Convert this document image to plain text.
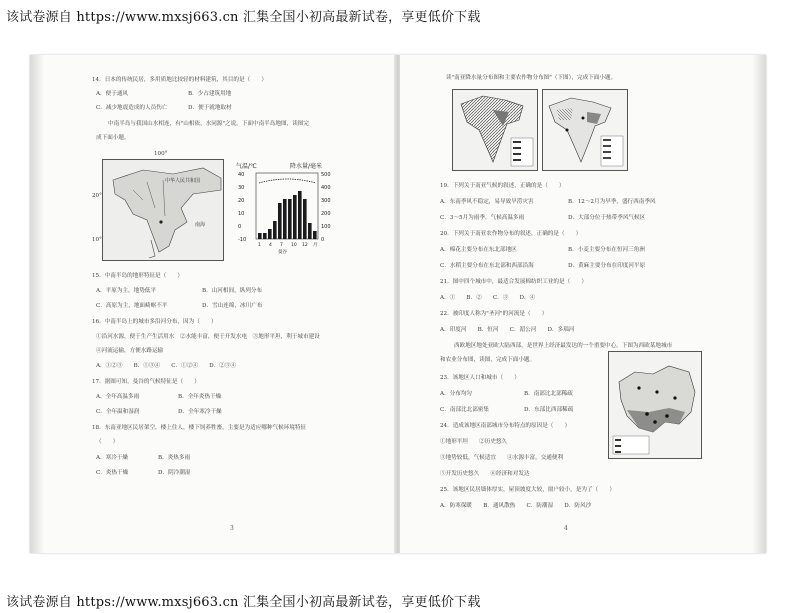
该试卷源自 https://www.mxsj663.cn 汇集全国小初高最新试卷，享更低价下载
14．日本的传统民居，多用质地比较轻的材料建筑，其目的是（　　）
A．便于通风	B．少占建筑用地
C．减少地震造成的人员伤亡	D．便于就地取材
中南半岛与我国山水相连，有"山相依，水同源"之说。下面中南半岛地图，读图完
成下面小题。
中华人民共和国
南海
100°
20°
10°
气温/℃	降水量/毫米
40
30
20
10
0
-10
500
400
300
200
100
0
1 4 7 10 12 月
曼谷
15．中南半岛的地形特征是（　　）
A．平原为主，地势低平	B．山河相间，纵列分布
C．高原为主，地面崎岖不平	D．雪山连绵，冰川广布
16．中南半岛上的城市多沿河分布，因为（　　）
①沿河水源，便于生产生活用水　②水能丰富，便于开发水电　③地形平坦，利于城市建设
④河流运输，方便水路运输
A．①②③　　B．①③④　　C．①②④　　D．②③④
17．据图可知，曼谷的气候特征是（　　）
A．全年高温多雨	B．全年炎热干燥
C．全年温和湿润	D．全年寒冷干燥
18．东南亚地区民居架空，楼上住人，楼下饲养牲畜，主要是为适应哪种气候环境特征
（　　）
A．寒冷干燥	B．炎热多雨
C．炎热干燥	D．阴冷潮湿
3
读"南亚降水量分布图和主要农作物分布图"（下图），完成下面小题。
19．下列关于南亚气候的叙述，正确的是（　　）
A．东南季风不稳定，易导致旱涝灾害	B．12～2月为旱季，盛行西南季风
C．3～5月为雨季，气候高温多雨	D．大部分位于热带季风气候区
20．下列关于南亚农作物分布的叙述，正确的是（　　）
A．棉花主要分布在东北部地区	B．小麦主要分布在恒河三角洲
C．水稻主要分布在东北部和西部沿海	D．黄麻主要分布在印度河平原
21．图中四个城市中，最适合发展棉纺织工业的是（　　）
A．①　　B．②　　C．③　　D．④
22．被印度人称为"圣河"的河流是（　　）
A．印度河　　B．恒河　　C．湄公河　　D．多瑙河
西欧地区地处亚欧大陆西部，是世界上经济最发达的一个重要中心。下图为西欧某地城市
和农业分布图，读图，完成下面小题。
23．该地区人口和城市（　　）
A．分布均匀	B．南部比北部稀疏
C．南部比北部密集	D．东部比西部稀疏
24．造成该地区南部城市分布特点的原因是（　　）
①地形平坦　　②历史悠久
③地势较低，气候适宜　　④水源丰富，交通便利
⑤开发历史悠久　　⑥经济和对发达
25．该地区民居墙体厚实，屋顶坡度大较，窗户较小，是为了（　　）
A．防寒保暖　　B．通风散热　　C．防潮湿　　D．防风沙
4
该试卷源自 https://www.mxsj663.cn 汇集全国小初高最新试卷，享更低价下载
